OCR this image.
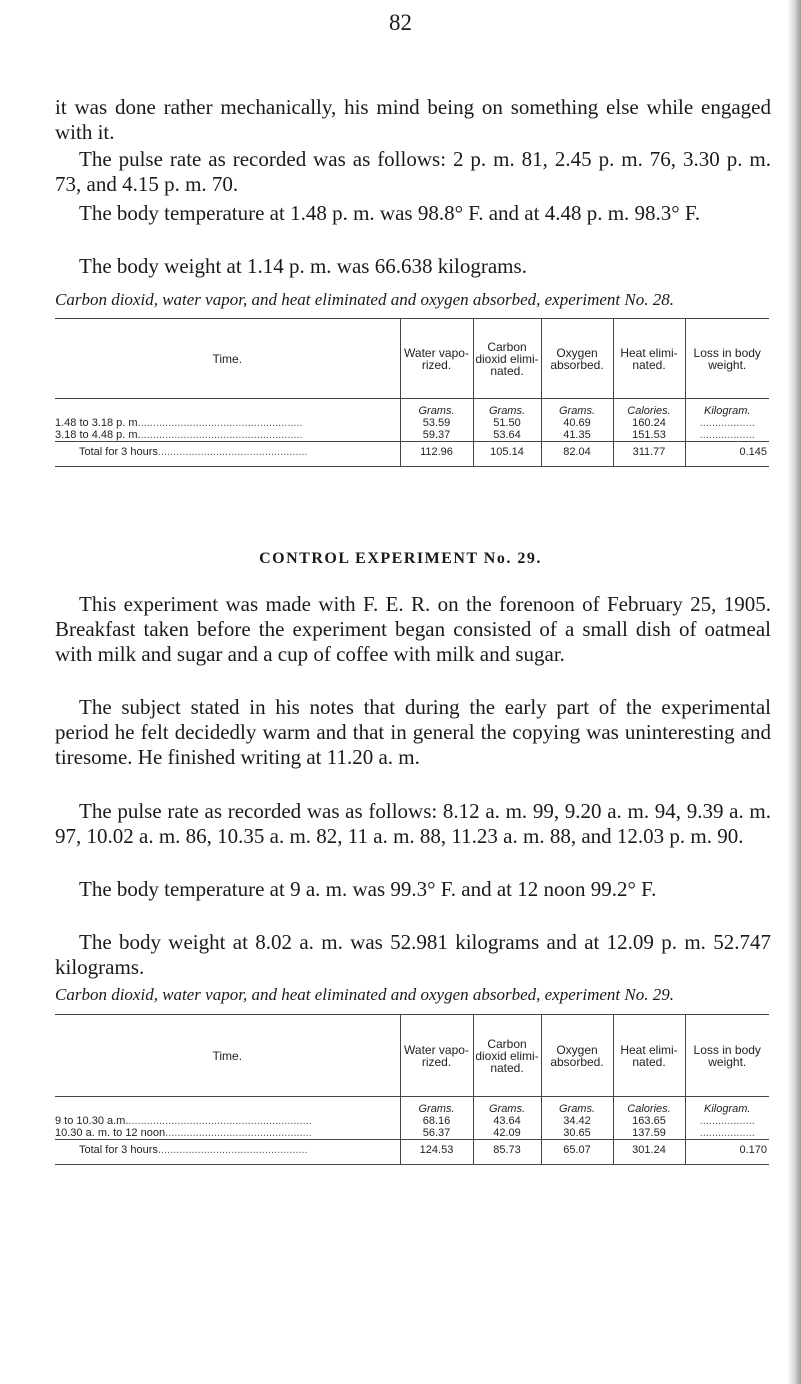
82

it was done rather mechanically, his mind being on something else while engaged with it.

The pulse rate as recorded was as follows: 2 p. m. 81, 2.45 p. m. 76, 3.30 p. m. 73, and 4.15 p. m. 70.

The body temperature at 1.48 p. m. was 98.8° F. and at 4.48 p. m. 98.3° F.

The body weight at 1.14 p. m. was 66.638 kilograms.

Carbon dioxid, water vapor, and heat eliminated and oxygen absorbed, experiment No. 28.

Time.	Water vapo- rized.	Carbon dioxid elimi- nated.	Oxygen absorbed.	Heat elimi- nated.	Loss in body weight.
	Grams.	Grams.	Grams.	Calories.	Kilogram.
1.48 to 3.18 p. m......................................................	53.59	51.50	40.69	160.24	..................
3.18 to 4.48 p. m......................................................	59.37	53.64	41.35	151.53	..................
Total for 3 hours.................................................	112.96	105.14	82.04	311.77	0.145

CONTROL EXPERIMENT No. 29.

This experiment was made with F. E. R. on the forenoon of February 25, 1905. Breakfast taken before the experiment began consisted of a small dish of oatmeal with milk and sugar and a cup of coffee with milk and sugar.

The subject stated in his notes that during the early part of the experimental period he felt decidedly warm and that in general the copying was uninteresting and tiresome. He finished writing at 11.20 a. m.

The pulse rate as recorded was as follows: 8.12 a. m. 99, 9.20 a. m. 94, 9.39 a. m. 97, 10.02 a. m. 86, 10.35 a. m. 82, 11 a. m. 88, 11.23 a. m. 88, and 12.03 p. m. 90.

The body temperature at 9 a. m. was 99.3° F. and at 12 noon 99.2° F.

The body weight at 8.02 a. m. was 52.981 kilograms and at 12.09 p. m. 52.747 kilograms.

Carbon dioxid, water vapor, and heat eliminated and oxygen absorbed, experiment No. 29.

Time.	Water vapo- rized.	Carbon dioxid elimi- nated.	Oxygen absorbed.	Heat elimi- nated.	Loss in body weight.
	Grams.	Grams.	Grams.	Calories.	Kilogram.
9 to 10.30 a.m.............................................................	68.16	43.64	34.42	163.65	..................
10.30 a. m. to 12 noon................................................	56.37	42.09	30.65	137.59	..................
Total for 3 hours.................................................	124.53	85.73	65.07	301.24	0.170
